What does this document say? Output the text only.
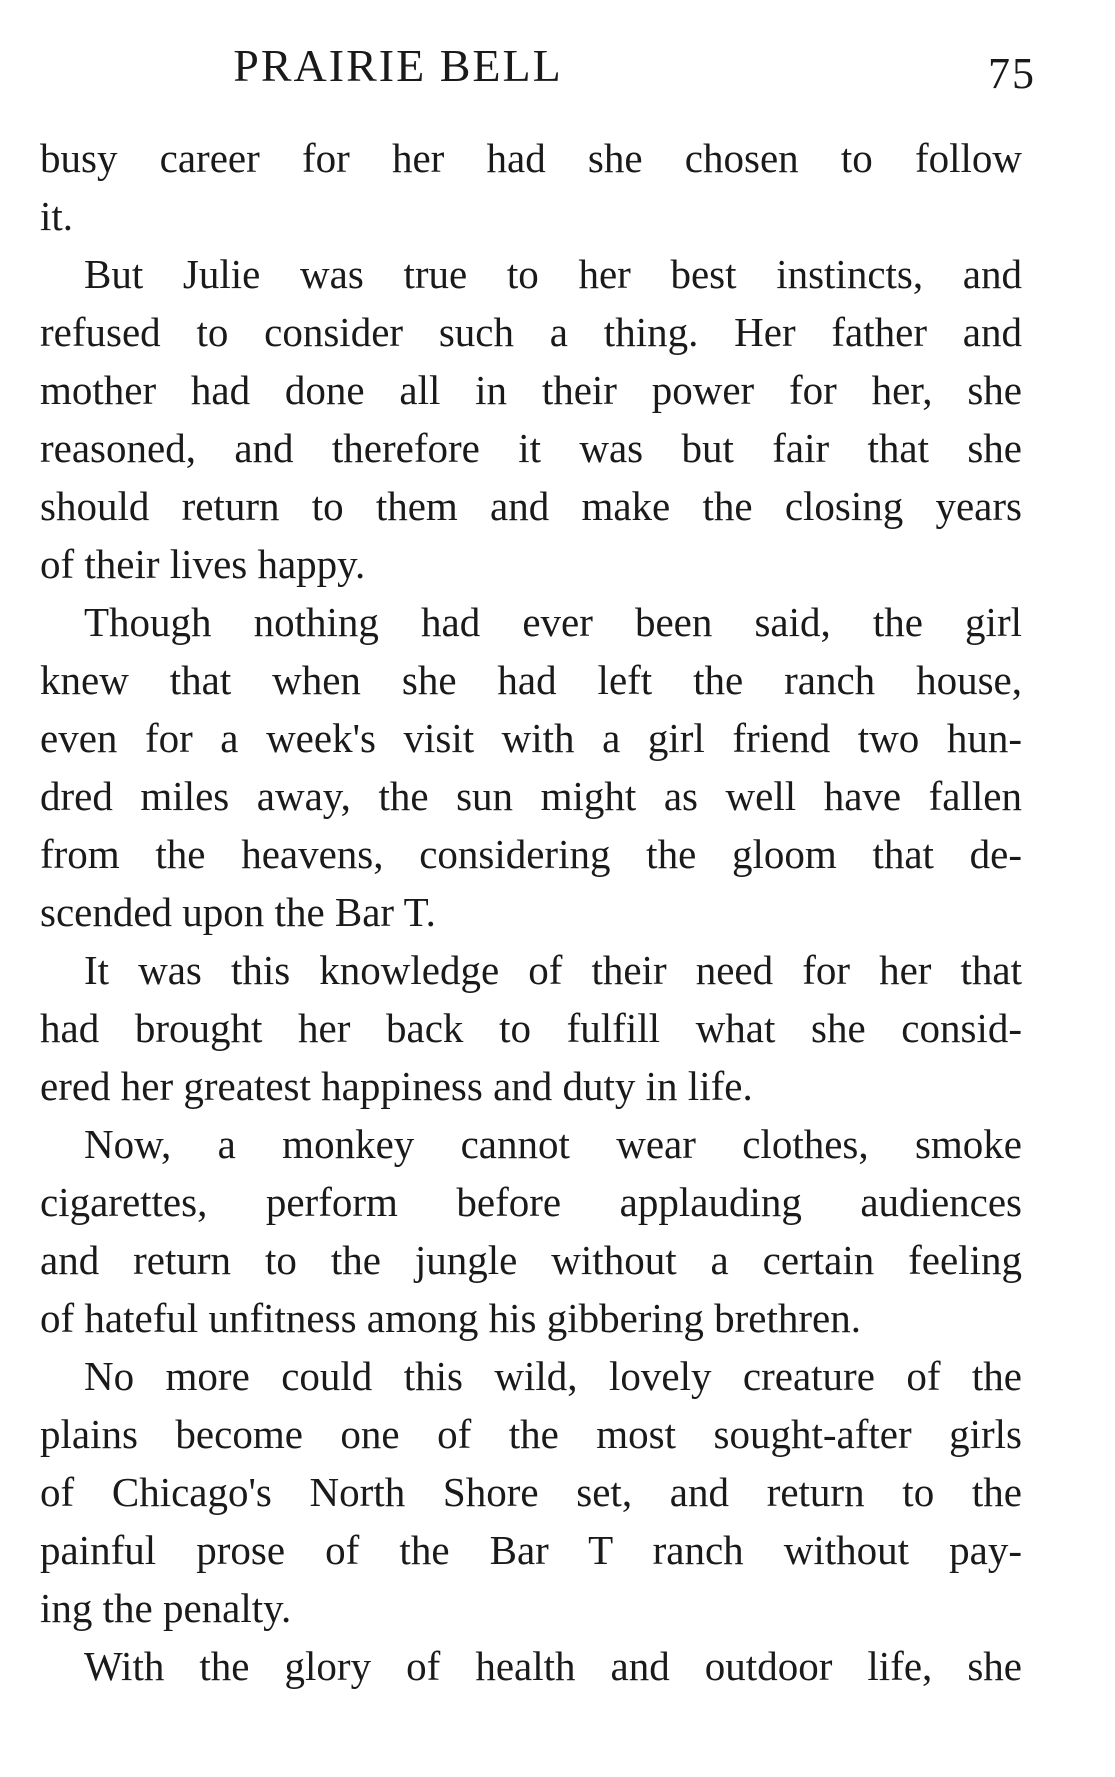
PRAIRIE BELL	75
busy career for her had she chosen to follow
it.
But Julie was true to her best instincts, and
refused to consider such a thing. Her father and
mother had done all in their power for her, she
reasoned, and therefore it was but fair that she
should return to them and make the closing years
of their lives happy.
Though nothing had ever been said, the girl
knew that when she had left the ranch house,
even for a week's visit with a girl friend two hun-
dred miles away, the sun might as well have fallen
from the heavens, considering the gloom that de-
scended upon the Bar T.
It was this knowledge of their need for her that
had brought her back to fulfill what she consid-
ered her greatest happiness and duty in life.
Now, a monkey cannot wear clothes, smoke
cigarettes, perform before applauding audiences
and return to the jungle without a certain feeling
of hateful unfitness among his gibbering brethren.
No more could this wild, lovely creature of the
plains become one of the most sought-after girls
of Chicago's North Shore set, and return to the
painful prose of the Bar T ranch without pay-
ing the penalty.
With the glory of health and outdoor life, she
